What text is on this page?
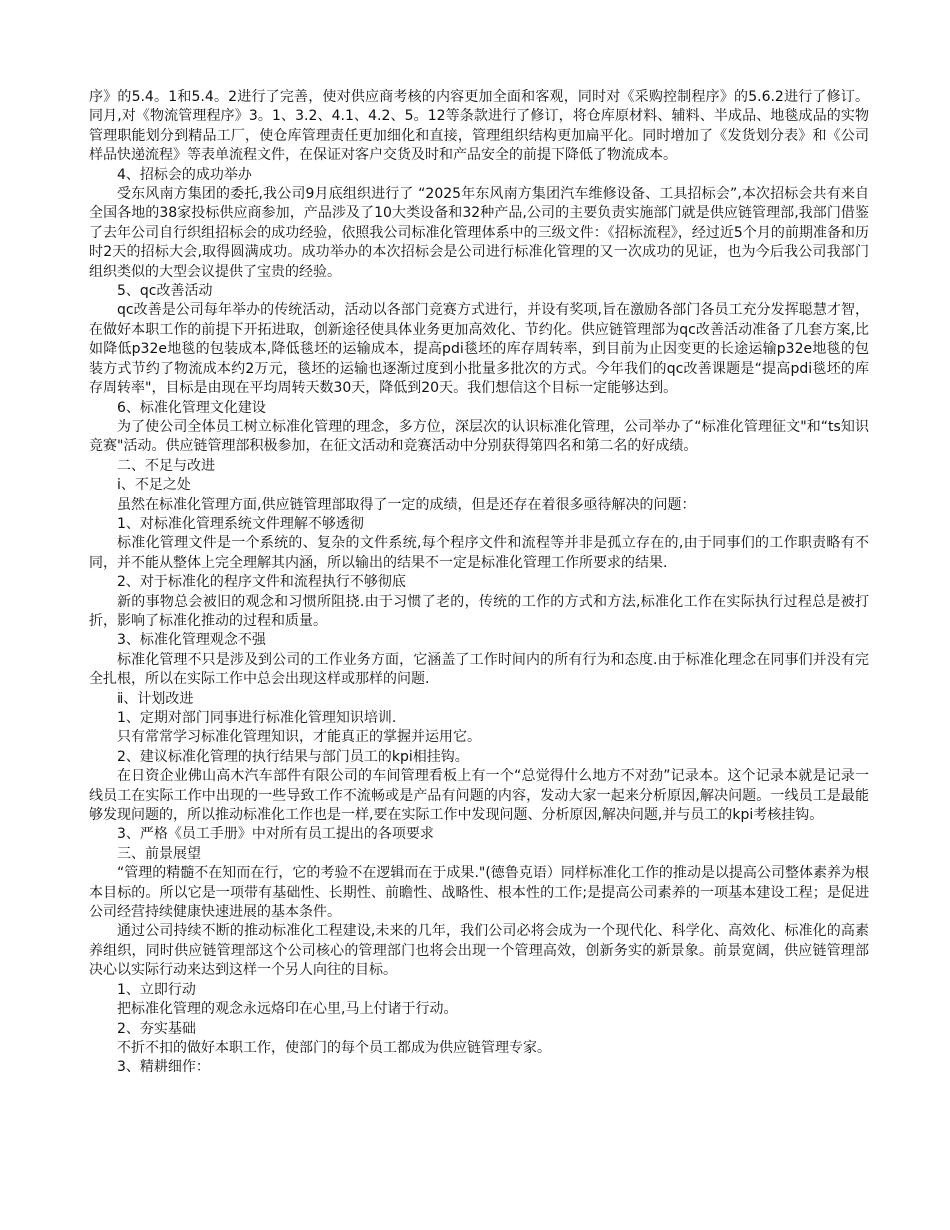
序》的5.4。1和5.4。2进行了完善，使对供应商考核的内容更加全面和客观，同时对《采购控制程序》的5.6.2进行了修订。同月,对《物流管理程序》3。1、3.2、4.1、4.2、5。12等条款进行了修订，将仓库原材料、辅料、半成品、地毯成品的实物管理职能划分到精品工厂，使仓库管理责任更加细化和直接，管理组织结构更加扁平化。同时增加了《发货划分表》和《公司样品快递流程》等表单流程文件，在保证对客户交货及时和产品安全的前提下降低了物流成本。

4、招标会的成功举办

受东风南方集团的委托,我公司9月底组织进行了 “2025年东风南方集团汽车维修设备、工具招标会”,本次招标会共有来自全国各地的38家投标供应商参加，产品涉及了10大类设备和32种产品,公司的主要负责实施部门就是供应链管理部,我部门借鉴了去年公司自行织组招标会的成功经验，依照我公司标准化管理体系中的三级文件：《招标流程》，经过近5个月的前期准备和历时2天的招标大会,取得圆满成功。成功举办的本次招标会是公司进行标准化管理的又一次成功的见证，也为今后我公司我部门组织类似的大型会议提供了宝贵的经验。

5、qc改善活动

qc改善是公司每年举办的传统活动，活动以各部门竞赛方式进行，并设有奖项,旨在激励各部门各员工充分发挥聪慧才智，在做好本职工作的前提下开拓进取，创新途径使具体业务更加高效化、节约化。供应链管理部为qc改善活动准备了几套方案,比如降低p32e地毯的包装成本,降低毯坯的运输成本，提高pdi毯坯的库存周转率，到目前为止因变更的长途运输p32e地毯的包装方式节约了物流成本约2万元，毯坯的运输也逐渐过度到小批量多批次的方式。今年我们的qc改善课题是“提高pdi毯坯的库存周转率"，目标是由现在平均周转天数30天，降低到20天。我们想信这个目标一定能够达到。

6、标准化管理文化建设

为了使公司全体员工树立标准化管理的理念，多方位，深层次的认识标准化管理，公司举办了“标准化管理征文"和“ts知识竞赛"活动。供应链管理部积极参加，在征文活动和竞赛活动中分别获得第四名和第二名的好成绩。

二、不足与改进

ⅰ、不足之处

虽然在标准化管理方面,供应链管理部取得了一定的成绩，但是还存在着很多亟待解决的问题：

1、对标准化管理系统文件理解不够透彻

标准化管理文件是一个系统的、复杂的文件系统,每个程序文件和流程等并非是孤立存在的,由于同事们的工作职责略有不同，并不能从整体上完全理解其内涵，所以输出的结果不一定是标准化管理工作所要求的结果.

2、对于标准化的程序文件和流程执行不够彻底

新的事物总会被旧的观念和习惯所阻挠.由于习惯了老的，传统的工作的方式和方法,标准化工作在实际执行过程总是被打折，影响了标准化推动的过程和质量。

3、标准化管理观念不强

标准化管理不只是涉及到公司的工作业务方面，它涵盖了工作时间内的所有行为和态度.由于标准化理念在同事们并没有完全扎根，所以在实际工作中总会出现这样或那样的问题.

ⅱ、计划改进

1、定期对部门同事进行标准化管理知识培训.

只有常常学习标准化管理知识，才能真正的掌握并运用它。

2、建议标准化管理的执行结果与部门员工的kpi相挂钩。

在日资企业佛山高木汽车部件有限公司的车间管理看板上有一个“总觉得什么地方不对劲”记录本。这个记录本就是记录一线员工在实际工作中出现的一些导致工作不流畅或是产品有问题的内容，发动大家一起来分析原因,解决问题。一线员工是最能够发现问题的，所以推动标准化工作也是一样,要在实际工作中发现问题、分析原因,解决问题,并与员工的kpi考核挂钩。

3、严格《员工手册》中对所有员工提出的各项要求

三、前景展望

“管理的精髓不在知而在行，它的考验不在逻辑而在于成果."(德鲁克语）同样标准化工作的推动是以提高公司整体素养为根本目标的。所以它是一项带有基础性、长期性、前瞻性、战略性、根本性的工作;是提高公司素养的一项基本建设工程；是促进公司经营持续健康快速进展的基本条件。

通过公司持续不断的推动标准化工程建设,未来的几年，我们公司必将会成为一个现代化、科学化、高效化、标准化的高素养组织，同时供应链管理部这个公司核心的管理部门也将会出现一个管理高效，创新务实的新景象。前景宽阔，供应链管理部决心以实际行动来达到这样一个另人向往的目标。

1、立即行动

把标准化管理的观念永远烙印在心里,马上付诸于行动。

2、夯实基础

不折不扣的做好本职工作，使部门的每个员工都成为供应链管理专家。

3、精耕细作：
